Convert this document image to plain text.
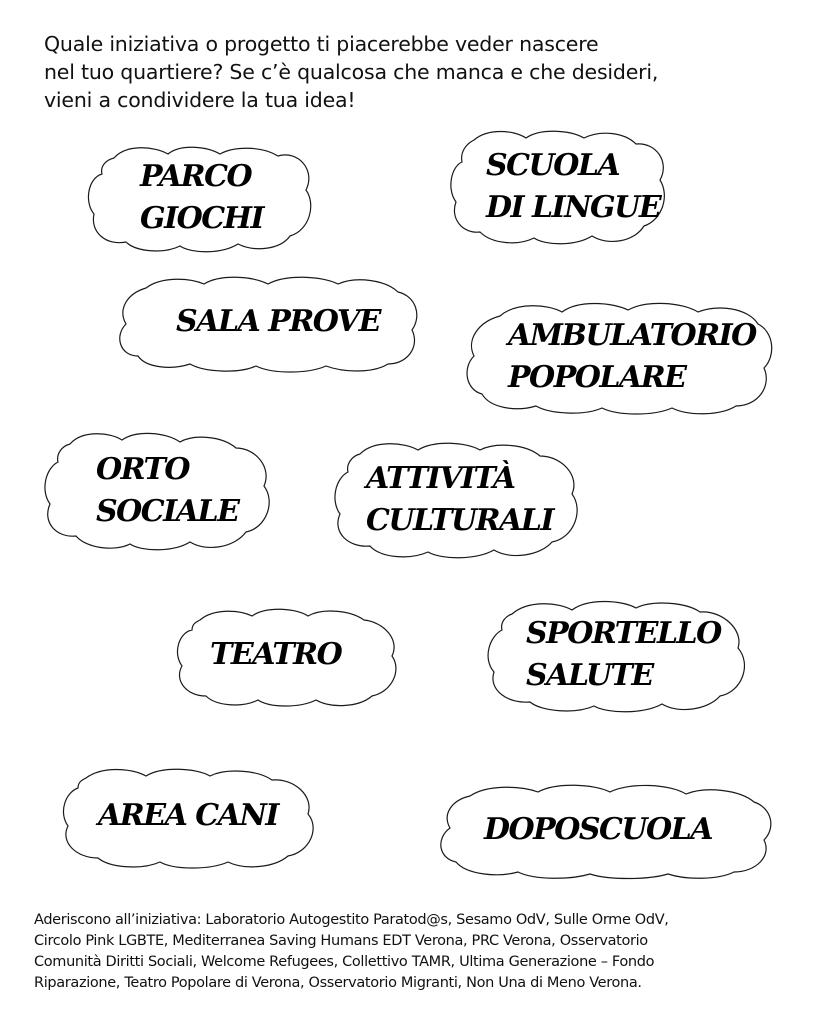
Quale iniziativa o progetto ti piacerebbe veder nascere
nel tuo quartiere? Se c’è qualcosa che manca e che desideri,
vieni a condividere la tua idea!
PARCO
GIOCHI
SCUOLA
DI LINGUE
SALA PROVE	AMBULATORIO
POPOLARE
ORTO
SOCIALE
ATTIVITÀ
CULTURALI
TEATRO
SPORTELLO
SALUTE
AREA CANI	DOPOSCUOLA
Aderiscono all’iniziativa: Laboratorio Autogestito Paratod@s, Sesamo OdV, Sulle Orme OdV,
Circolo Pink LGBTE, Mediterranea Saving Humans EDT Verona, PRC Verona, Osservatorio
Comunità Diritti Sociali, Welcome Refugees, Collettivo TAMR, Ultima Generazione – Fondo
Riparazione, Teatro Popolare di Verona, Osservatorio Migranti, Non Una di Meno Verona.
